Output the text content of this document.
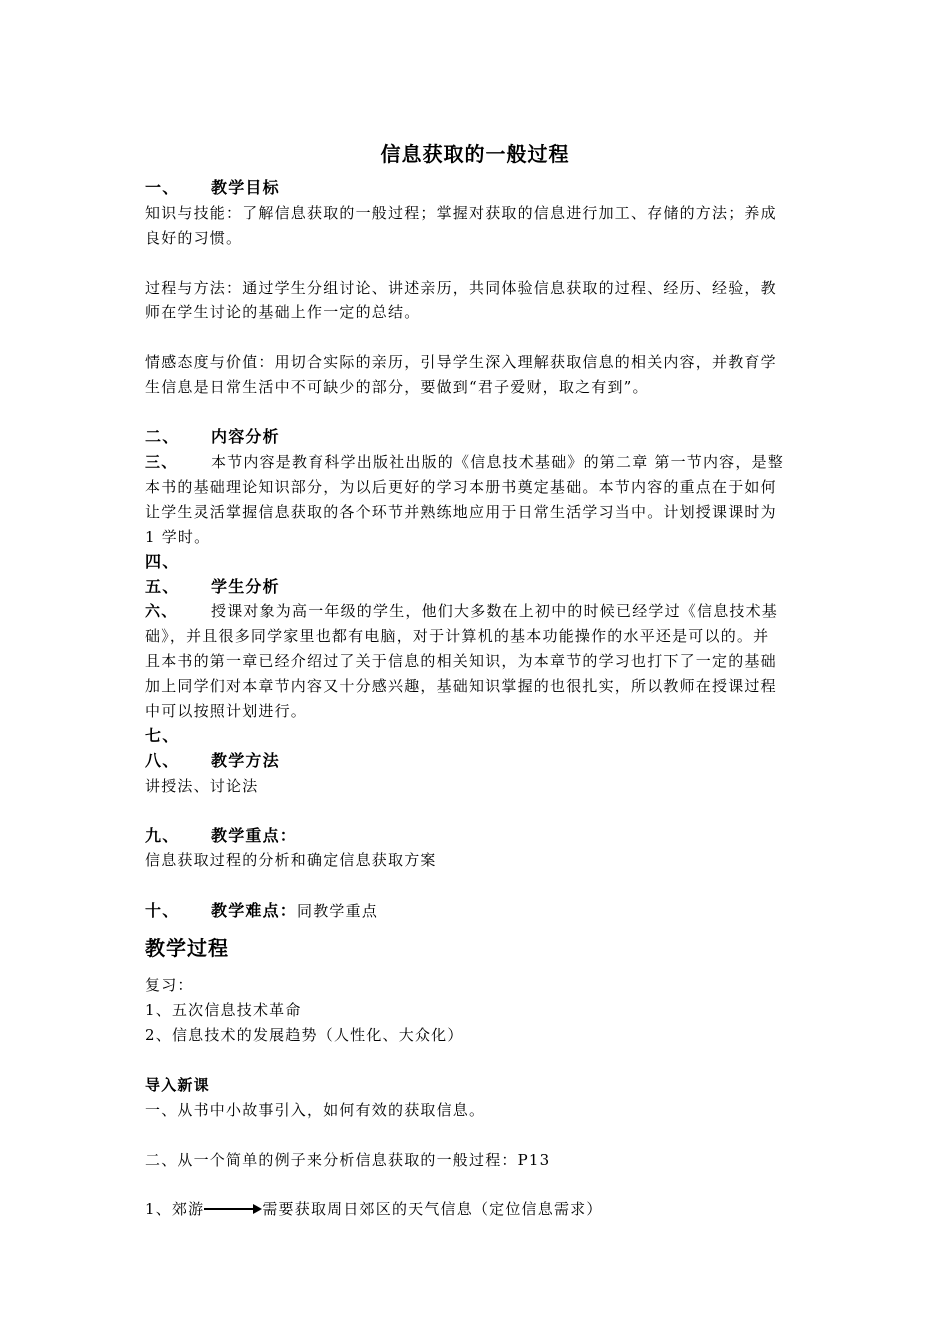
信息获取的一般过程
一、 教学目标
知识与技能：了解信息获取的一般过程；掌握对获取的信息进行加工、存储的方法；养成
良好的习惯。
过程与方法：通过学生分组讨论、讲述亲历，共同体验信息获取的过程、经历、经验，教
师在学生讨论的基础上作一定的总结。
情感态度与价值：用切合实际的亲历，引导学生深入理解获取信息的相关内容，并教育学
生信息是日常生活中不可缺少的部分，要做到“君子爱财，取之有到”。
二、 内容分析
三、 本节内容是教育科学出版社出版的《信息技术基础》的第二章 第一节内容，是整
本书的基础理论知识部分，为以后更好的学习本册书奠定基础。本节内容的重点在于如何
让学生灵活掌握信息获取的各个环节并熟练地应用于日常生活学习当中。计划授课课时为
1 学时。
四、
五、 学生分析
六、 授课对象为高一年级的学生，他们大多数在上初中的时候已经学过《信息技术基
础》，并且很多同学家里也都有电脑，对于计算机的基本功能操作的水平还是可以的。并
且本书的第一章已经介绍过了关于信息的相关知识，为本章节的学习也打下了一定的基础
加上同学们对本章节内容又十分感兴趣，基础知识掌握的也很扎实，所以教师在授课过程
中可以按照计划进行。
七、
八、 教学方法
讲授法、讨论法
九、 教学重点：
信息获取过程的分析和确定信息获取方案
十、 教学难点：同教学重点
教学过程
复习：
1、五次信息技术革命
2、信息技术的发展趋势（人性化、大众化）
导入新课
一、从书中小故事引入，如何有效的获取信息。
二、从一个简单的例子来分析信息获取的一般过程：P13
1、郊游	需要获取周日郊区的天气信息（定位信息需求）
